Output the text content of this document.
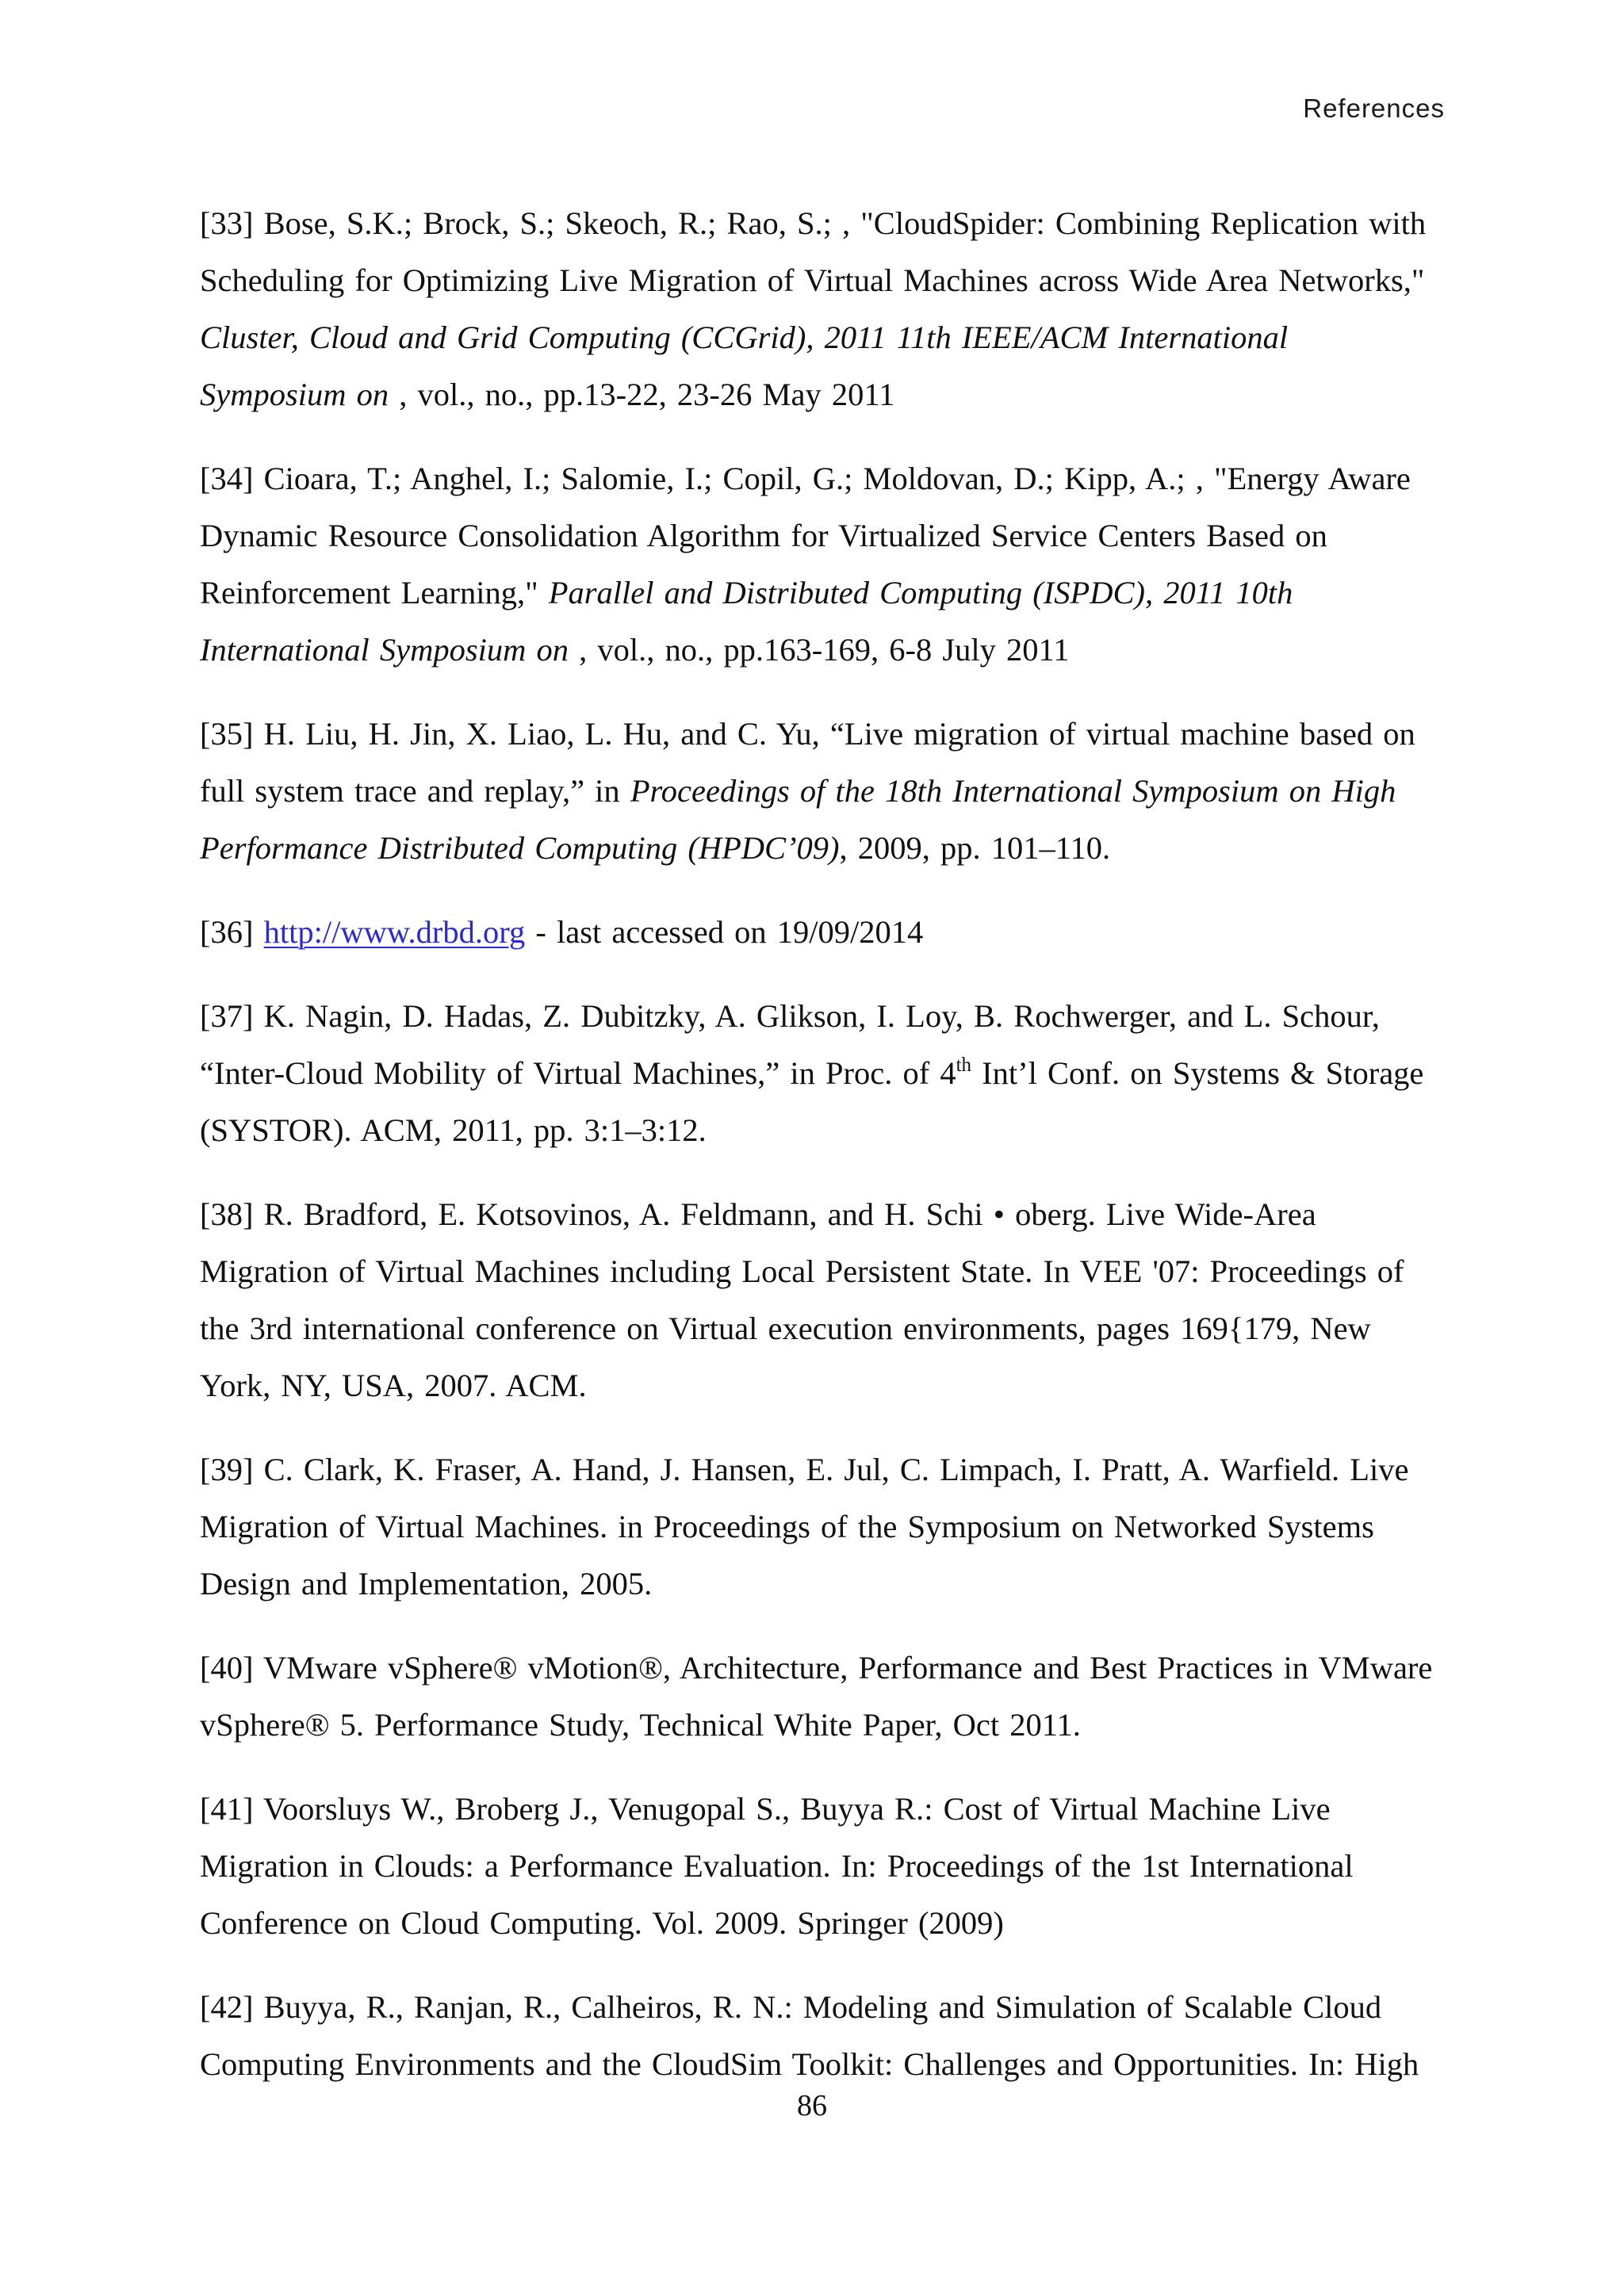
References

[33] Bose, S.K.; Brock, S.; Skeoch, R.; Rao, S.; , "CloudSpider: Combining Replication with Scheduling for Optimizing Live Migration of Virtual Machines across Wide Area Networks," Cluster, Cloud and Grid Computing (CCGrid), 2011 11th IEEE/ACM International Symposium on , vol., no., pp.13-22, 23-26 May 2011

[34] Cioara, T.; Anghel, I.; Salomie, I.; Copil, G.; Moldovan, D.; Kipp, A.; , "Energy Aware Dynamic Resource Consolidation Algorithm for Virtualized Service Centers Based on Reinforcement Learning," Parallel and Distributed Computing (ISPDC), 2011 10th International Symposium on , vol., no., pp.163-169, 6-8 July 2011

[35] H. Liu, H. Jin, X. Liao, L. Hu, and C. Yu, “Live migration of virtual machine based on full system trace and replay,” in Proceedings of the 18th International Symposium on High Performance Distributed Computing (HPDC’09), 2009, pp. 101–110.

[36] http://www.drbd.org - last accessed on 19/09/2014

[37] K. Nagin, D. Hadas, Z. Dubitzky, A. Glikson, I. Loy, B. Rochwerger, and L. Schour, “Inter-Cloud Mobility of Virtual Machines,” in Proc. of 4th Int’l Conf. on Systems & Storage (SYSTOR). ACM, 2011, pp. 3:1–3:12.

[38] R. Bradford, E. Kotsovinos, A. Feldmann, and H. Schi • oberg. Live Wide-Area Migration of Virtual Machines including Local Persistent State. In VEE '07: Proceedings of the 3rd international conference on Virtual execution environments, pages 169{179, New York, NY, USA, 2007. ACM.

[39] C. Clark, K. Fraser, A. Hand, J. Hansen, E. Jul, C. Limpach, I. Pratt, A. Warfield. Live Migration of Virtual Machines. in Proceedings of the Symposium on Networked Systems Design and Implementation, 2005.

[40] VMware vSphere® vMotion®, Architecture, Performance and Best Practices in VMware vSphere® 5. Performance Study, Technical White Paper, Oct 2011.

[41] Voorsluys W., Broberg J., Venugopal S., Buyya R.: Cost of Virtual Machine Live Migration in Clouds: a Performance Evaluation. In: Proceedings of the 1st International Conference on Cloud Computing. Vol. 2009. Springer (2009)

[42] Buyya, R., Ranjan, R., Calheiros, R. N.: Modeling and Simulation of Scalable Cloud Computing Environments and the CloudSim Toolkit: Challenges and Opportunities. In: High

86
